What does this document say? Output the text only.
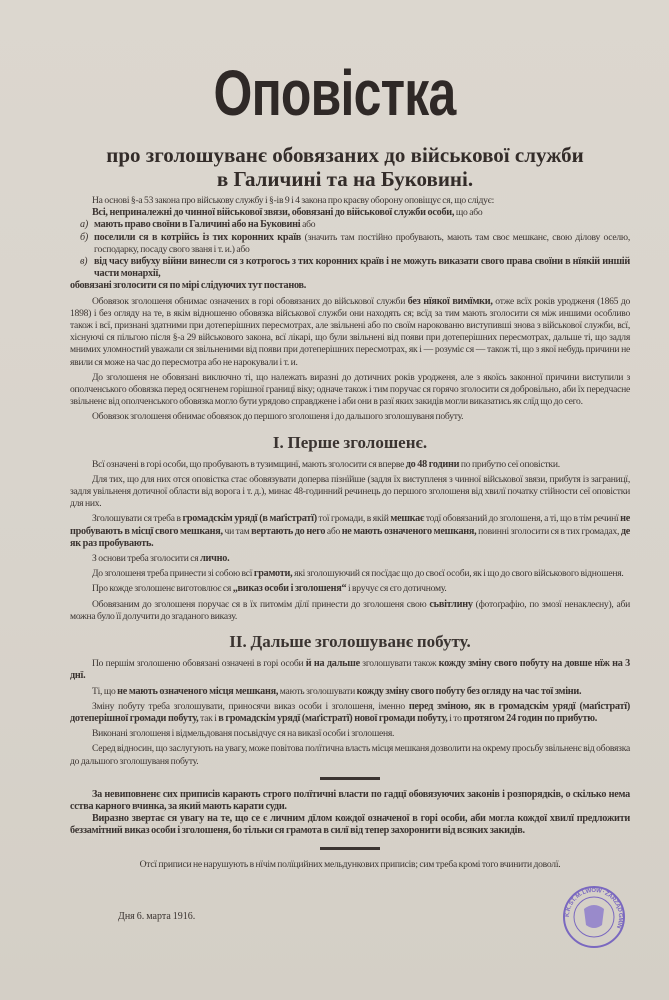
Оповістка
про зголошуванє обовязаних до військової служби
в Галичині та на Буковині.

На основі §-а 53 закона про військову службу і §-ів 9 і 4 закона про краєву оборону оповіщує ся, що слідує:

Всі, неприналежні до чинної військової звязи, обовязані до військової служби особи, що або

а) мають право своїни в Галичині або на Буковині або
б) поселили ся в котрійсь із тих коронних країв (значить там постійно пробувають, мають там своє мешканє, свою ділову оселю, господарку, посаду свого званя і т. и.) або
в) від часу вибуху війни винесли ся з котрогось з тих коронних країв і не можуть виказати свого права своїни в нїякій иншій части монархії,

обовязані зголосити ся по мірі слідуючих тут постанов.

Обовязок зголошеня обнимає означених в горі обовязаних до військової служби без нїякої вимїмки, отже всїх років уродженя (1865 до 1898) і без огляду на те, в якім відношеню обовязка військової служби они находять ся; всїд за тим мають зголосити ся між иншими особливо також і всї, признані здатними при дотеперішних пересмотрах, але звільнені або по своїм нарокованю виступивші знова з військової служби, всї, хіснуючі ся пільгою після §-а 29 військового закона, всї лікарі, що були звільнені від появи при дотеперішних пересмотрах, дальше ті, що задля мнимих уломностий уважали ся звільненими від появи при дотеперішних пересмотрах, як і — розуміє ся — також ті, що з якої небудь причини не явили ся може на час до пересмотра або не нарокували і т. и.

До зголошеня не обовязані виключно ті, що належать виразні до дотичних років уродженя, але з якоїсь законної причини виступили з ополченського обовязка перед осягненем горішної границї віку; одначе також і тим поручає ся горячо зголосити ся добровільно, аби їх передчасне звільненє від ополченського обовязка могло бути урядово справджене і аби они в разї яких закидів могли виказатись як слїд що до сего.

Обовязок зголошеня обнимає обовязок до першого зголошеня і до дальшого зголошуваня побуту.

I. Перше зголошенє.

Всї означені в горі особи, що пробувають в тузимщинї, мають зголосити ся вперве до 48 години по прибутю сеї оповістки.

Для тих, що для них отся оповістка стає обовязувати доперва пізнїйше (задля їх виступленя з чинної військової звязи, прибутя із заграницї, задля увільненя дотичної области від ворога і т. д.), минає 48-годинний речинець до першого зголошеня від хвилї початку стійности сеї оповістки для них.

Зголошувати ся треба в громадскім урядї (в маґістратї) тої громади, в якій мешкає тодї обовязаний до зголошеня, а ті, що в тім речинї не пробувають в місцї свого мешканя, чи там вертають до него або не мають означеного мешканя, повинні зголосити ся в тих громадах, де як раз пробувають.

З основи треба зголосити ся лично.

До зголошеня треба принести зі собою всї грамоти, які зголошуючий ся посїдає що до своєї особи, як і що до свого військового відношеня.

Про кожде зголошенє виготовлює ся „виказ особи і зголошеня“ і вручує ся єго дотичному.

Обовязаним до зголошеня поручає ся в їх питомім дїлї принести до зголошеня свою сьвітлину (фотоґрафію, по змозї ненаклеєну), аби можна було її долучити до згаданого виказу.

II. Дальше зголошуванє побуту.

По першім зголошеню обовязані означені в горі особи й на дальше зголошувати також кожду зміну свого побуту на довше нїж на 3 днї.

Ті, що не мають означеного місця мешканя, мають зголошувати кожду зміну свого побуту без огляду на час тої зміни.

Зміну побуту треба зголошувати, приносячи виказ особи і зголошеня, іменно перед зміною, як в громадскім урядї (маґістратї) дотеперішної громади побуту, так і в громадскім урядї (маґістратї) нової громади побуту, і то протягом 24 годин по прибутю.

Виконані зголошеня і відмельдованя посьвідчує ся на виказї особи і зголошеня.

Серед відносин, що заслугують на увагу, може повітова полїтична власть місця мешканя дозволити на окрему просьбу звільненє від обовязка до дальшого зголошуваня побуту.

За невиповненє сих приписів карають строго полїтичні власти по гадцї обовязуючих законів і розпорядків, о скілько нема сства карного вчинка, за який мають карати суди.

Виразно звертає ся увагу на те, що се є личним дїлом кождої означеної в горі особи, аби могла кождої хвилї предложити беззамітний виказ особи і зголошеня, бо тільки ся грамота в силї від тепер захоронити від всяких закидів.

Отсї приписи не нарушують в нїчім полїцийних мельдункових приписів; сим треба кромі того вчинити доволї.

Дня 6. марта 1916.	K.K. ST. M. LWÓW · ZARZĄD GMIN
